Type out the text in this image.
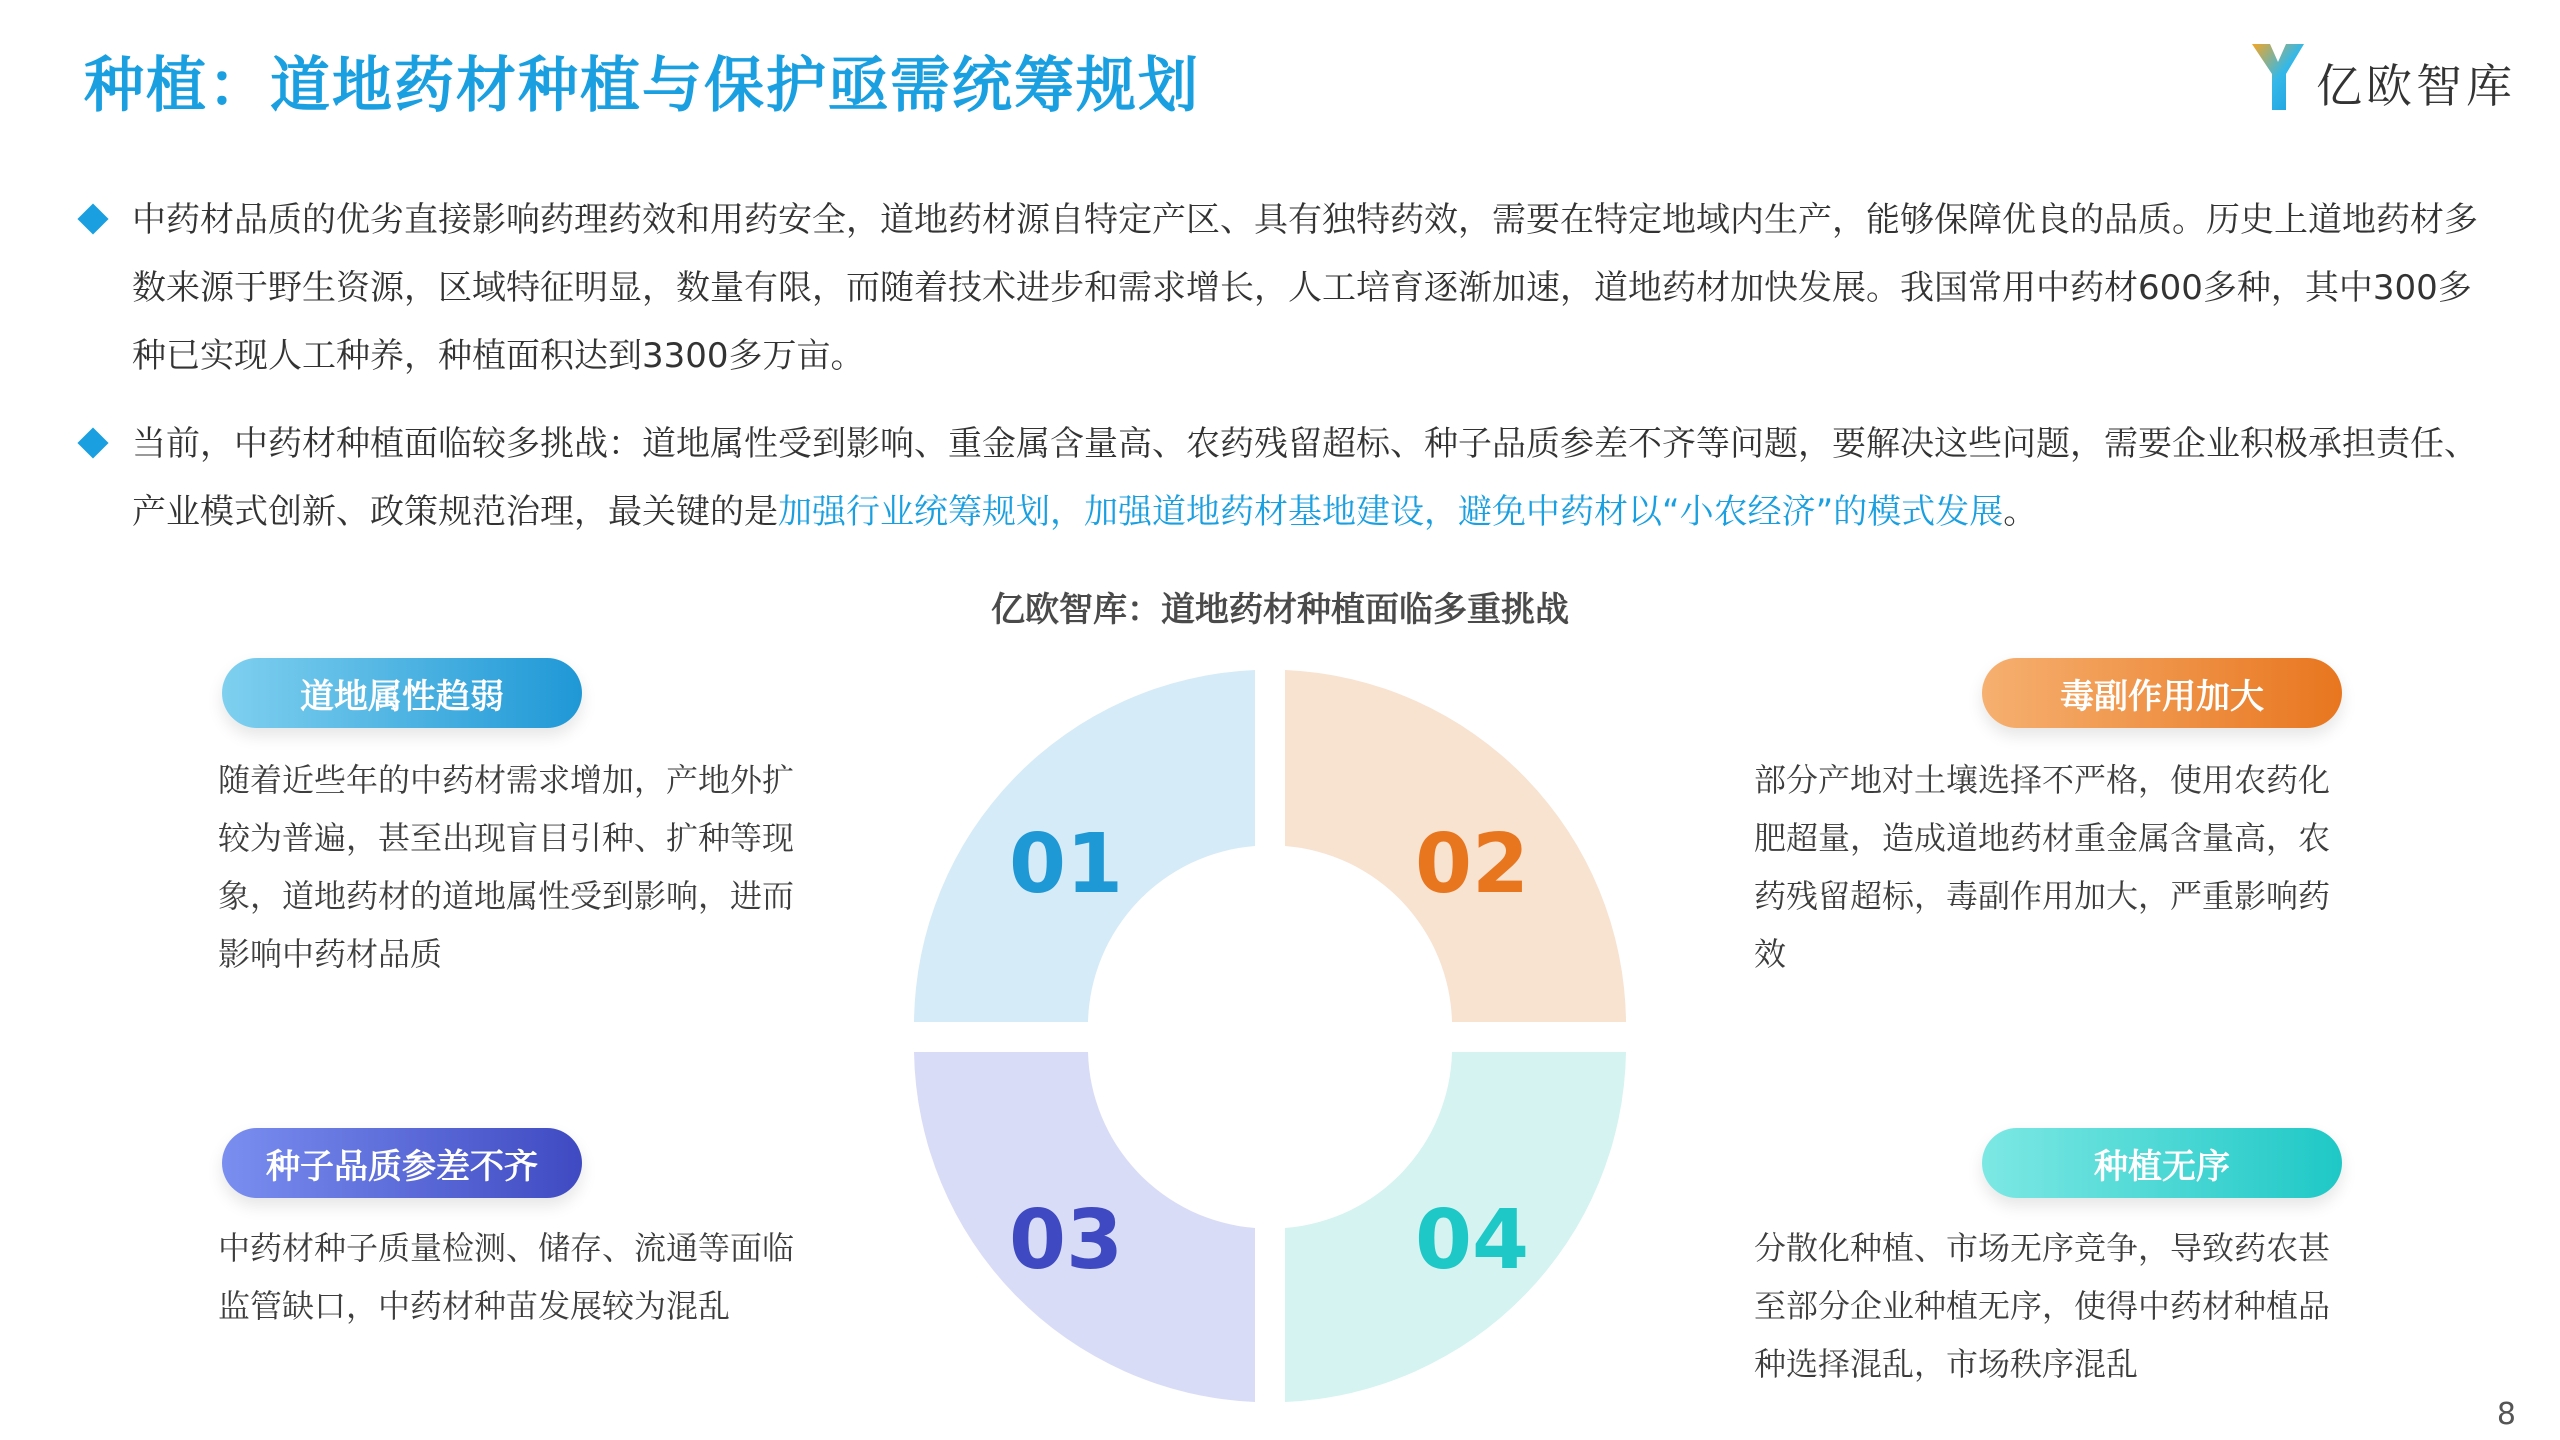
种植：道地药材种植与保护亟需统筹规划	亿欧智库
中药材品质的优劣直接影响药理药效和用药安全，道地药材源自特定产区、具有独特药效，需要在特定地域内生产，能够保障优良的品质。历史上道地药材多数来源于野生资源，区域特征明显，数量有限，而随着技术进步和需求增长，人工培育逐渐加速，道地药材加快发展。我国常用中药材600多种，其中300多种已实现人工种养，种植面积达到3300多万亩。
当前，中药材种植面临较多挑战：道地属性受到影响、重金属含量高、农药残留超标、种子品质参差不齐等问题，要解决这些问题，需要企业积极承担责任、产业模式创新、政策规范治理，最关键的是加强行业统筹规划，加强道地药材基地建设，避免中药材以“小农经济”的模式发展。
亿欧智库：道地药材种植面临多重挑战
01	02
03	04
道地属性趋弱
随着近些年的中药材需求增加，产地外扩较为普遍，甚至出现盲目引种、扩种等现象，道地药材的道地属性受到影响，进而影响中药材品质
毒副作用加大
部分产地对土壤选择不严格，使用农药化肥超量，造成道地药材重金属含量高，农药残留超标，毒副作用加大，严重影响药效
种子品质参差不齐
中药材种子质量检测、储存、流通等面临监管缺口，中药材种苗发展较为混乱
种植无序
分散化种植、市场无序竞争，导致药农甚至部分企业种植无序，使得中药材种植品种选择混乱，市场秩序混乱
8
